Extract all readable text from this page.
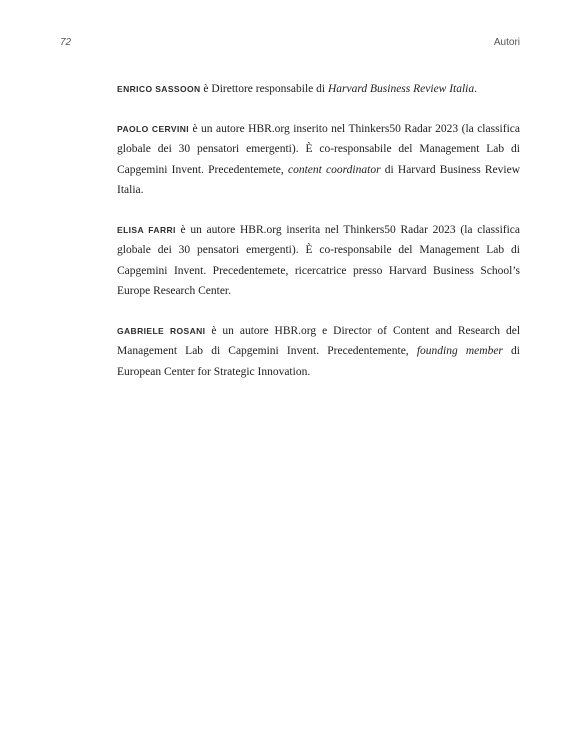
72	Autori

ENRICO SASSOON è Direttore responsabile di Harvard Business Review Italia.

PAOLO CERVINI è un autore HBR.org inserito nel Thinkers50 Radar 2023 (la classifica globale dei 30 pensatori emergenti). È co-responsabile del Management Lab di Capgemini Invent. Precedentemete, content coordinator di Harvard Business Review Italia.

ELISA FARRI è un autore HBR.org inserita nel Thinkers50 Radar 2023 (la classifica globale dei 30 pensatori emergenti). È co-responsabile del Management Lab di Capgemini Invent. Precedentemete, ricercatrice presso Harvard Business School’s Europe Research Center.

GABRIELE ROSANI è un autore HBR.org e Director of Content and Research del Management Lab di Capgemini Invent. Precedentemente, founding member di European Center for Strategic Innovation.
